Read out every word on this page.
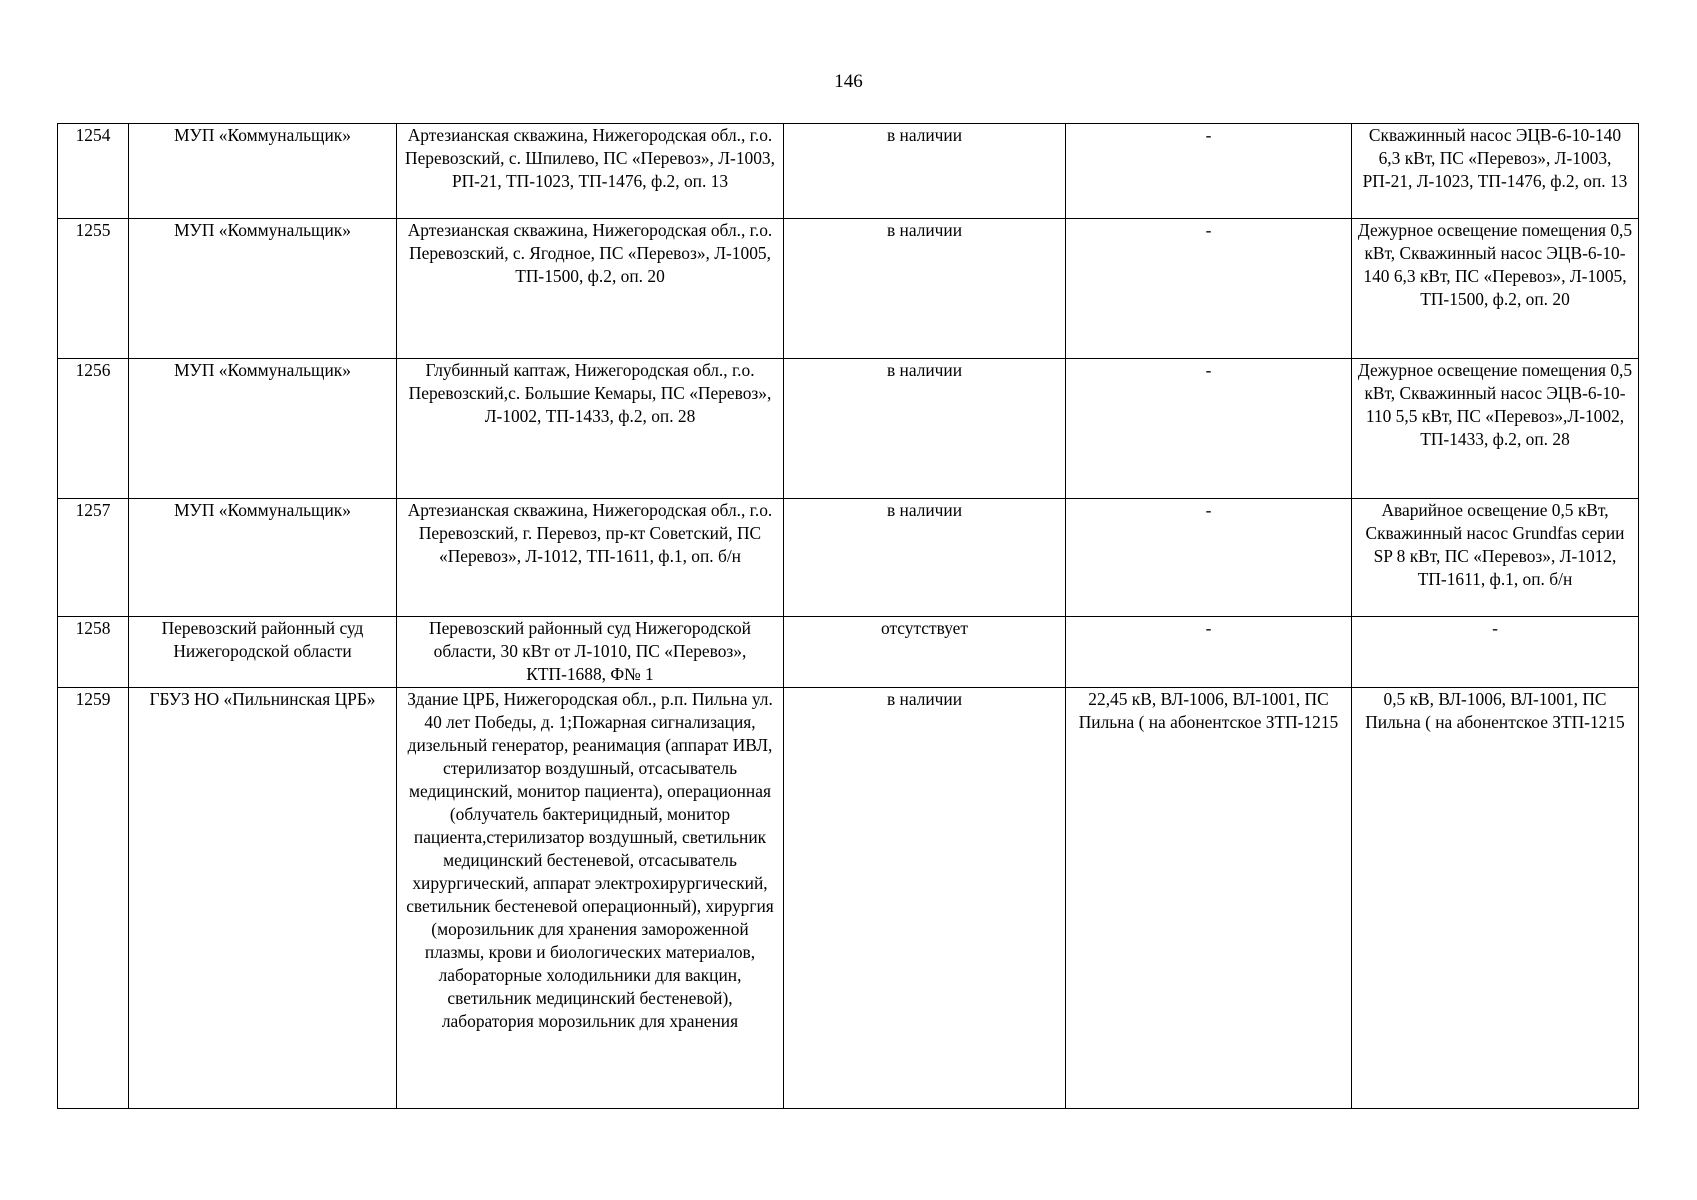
146
1254	МУП «Коммунальщик»	Артезианская скважина, Нижегородская обл., г.о. Перевозский, с. Шпилево, ПС «Перевоз», Л-1003, РП-21, ТП-1023, ТП-1476, ф.2, оп. 13	в наличии	-	Скважинный насос ЭЦВ-6-10-140 6,3 кВт, ПС «Перевоз», Л-1003, РП-21, Л-1023, ТП-1476, ф.2, оп. 13
1255	МУП «Коммунальщик»	Артезианская скважина, Нижегородская обл., г.о. Перевозский, с. Ягодное, ПС «Перевоз», Л-1005, ТП-1500, ф.2, оп. 20	в наличии	-	Дежурное освещение помещения 0,5 кВт, Скважинный насос ЭЦВ-6-10-140 6,3 кВт, ПС «Перевоз», Л-1005, ТП-1500, ф.2, оп. 20
1256	МУП «Коммунальщик»	Глубинный каптаж, Нижегородская обл., г.о. Перевозский,с. Большие Кемары, ПС «Перевоз», Л-1002, ТП-1433, ф.2, оп. 28	в наличии	-	Дежурное освещение помещения 0,5 кВт, Скважинный насос ЭЦВ-6-10-110 5,5 кВт, ПС «Перевоз»,Л-1002, ТП-1433, ф.2, оп. 28
1257	МУП «Коммунальщик»	Артезианская скважина, Нижегородская обл., г.о. Перевозский, г. Перевоз, пр-кт Советский, ПС «Перевоз», Л-1012, ТП-1611, ф.1, оп. б/н	в наличии	-	Аварийное освещение 0,5 кВт, Скважинный насос Grundfas серии SP 8 кВт, ПС «Перевоз», Л-1012, ТП-1611, ф.1, оп. б/н
1258	Перевозский районный суд Нижегородской области	Перевозский районный суд Нижегородской области, 30 кВт от Л-1010, ПС «Перевоз», КТП-1688, Ф№ 1	отсутствует	-	-
1259	ГБУЗ НО «Пильнинская ЦРБ»	Здание ЦРБ, Нижегородская обл., р.п. Пильна ул. 40 лет Победы, д. 1;Пожарная сигнализация, дизельный генератор, реанимация (аппарат ИВЛ, стерилизатор воздушный, отсасыватель медицинский, монитор пациента), операционная (облучатель бактерицидный, монитор пациента,стерилизатор воздушный, светильник медицинский бестеневой, отсасыватель хирургический, аппарат электрохирургический, светильник бестеневой операционный), хирургия (морозильник для хранения замороженной плазмы, крови и биологических материалов, лабораторные холодильники для вакцин, светильник медицинский бестеневой), лаборатория морозильник для хранения	в наличии	22,45 кВ, ВЛ-1006, ВЛ-1001, ПС Пильна ( на абонентское ЗТП-1215	0,5 кВ, ВЛ-1006, ВЛ-1001, ПС Пильна ( на абонентское ЗТП-1215
